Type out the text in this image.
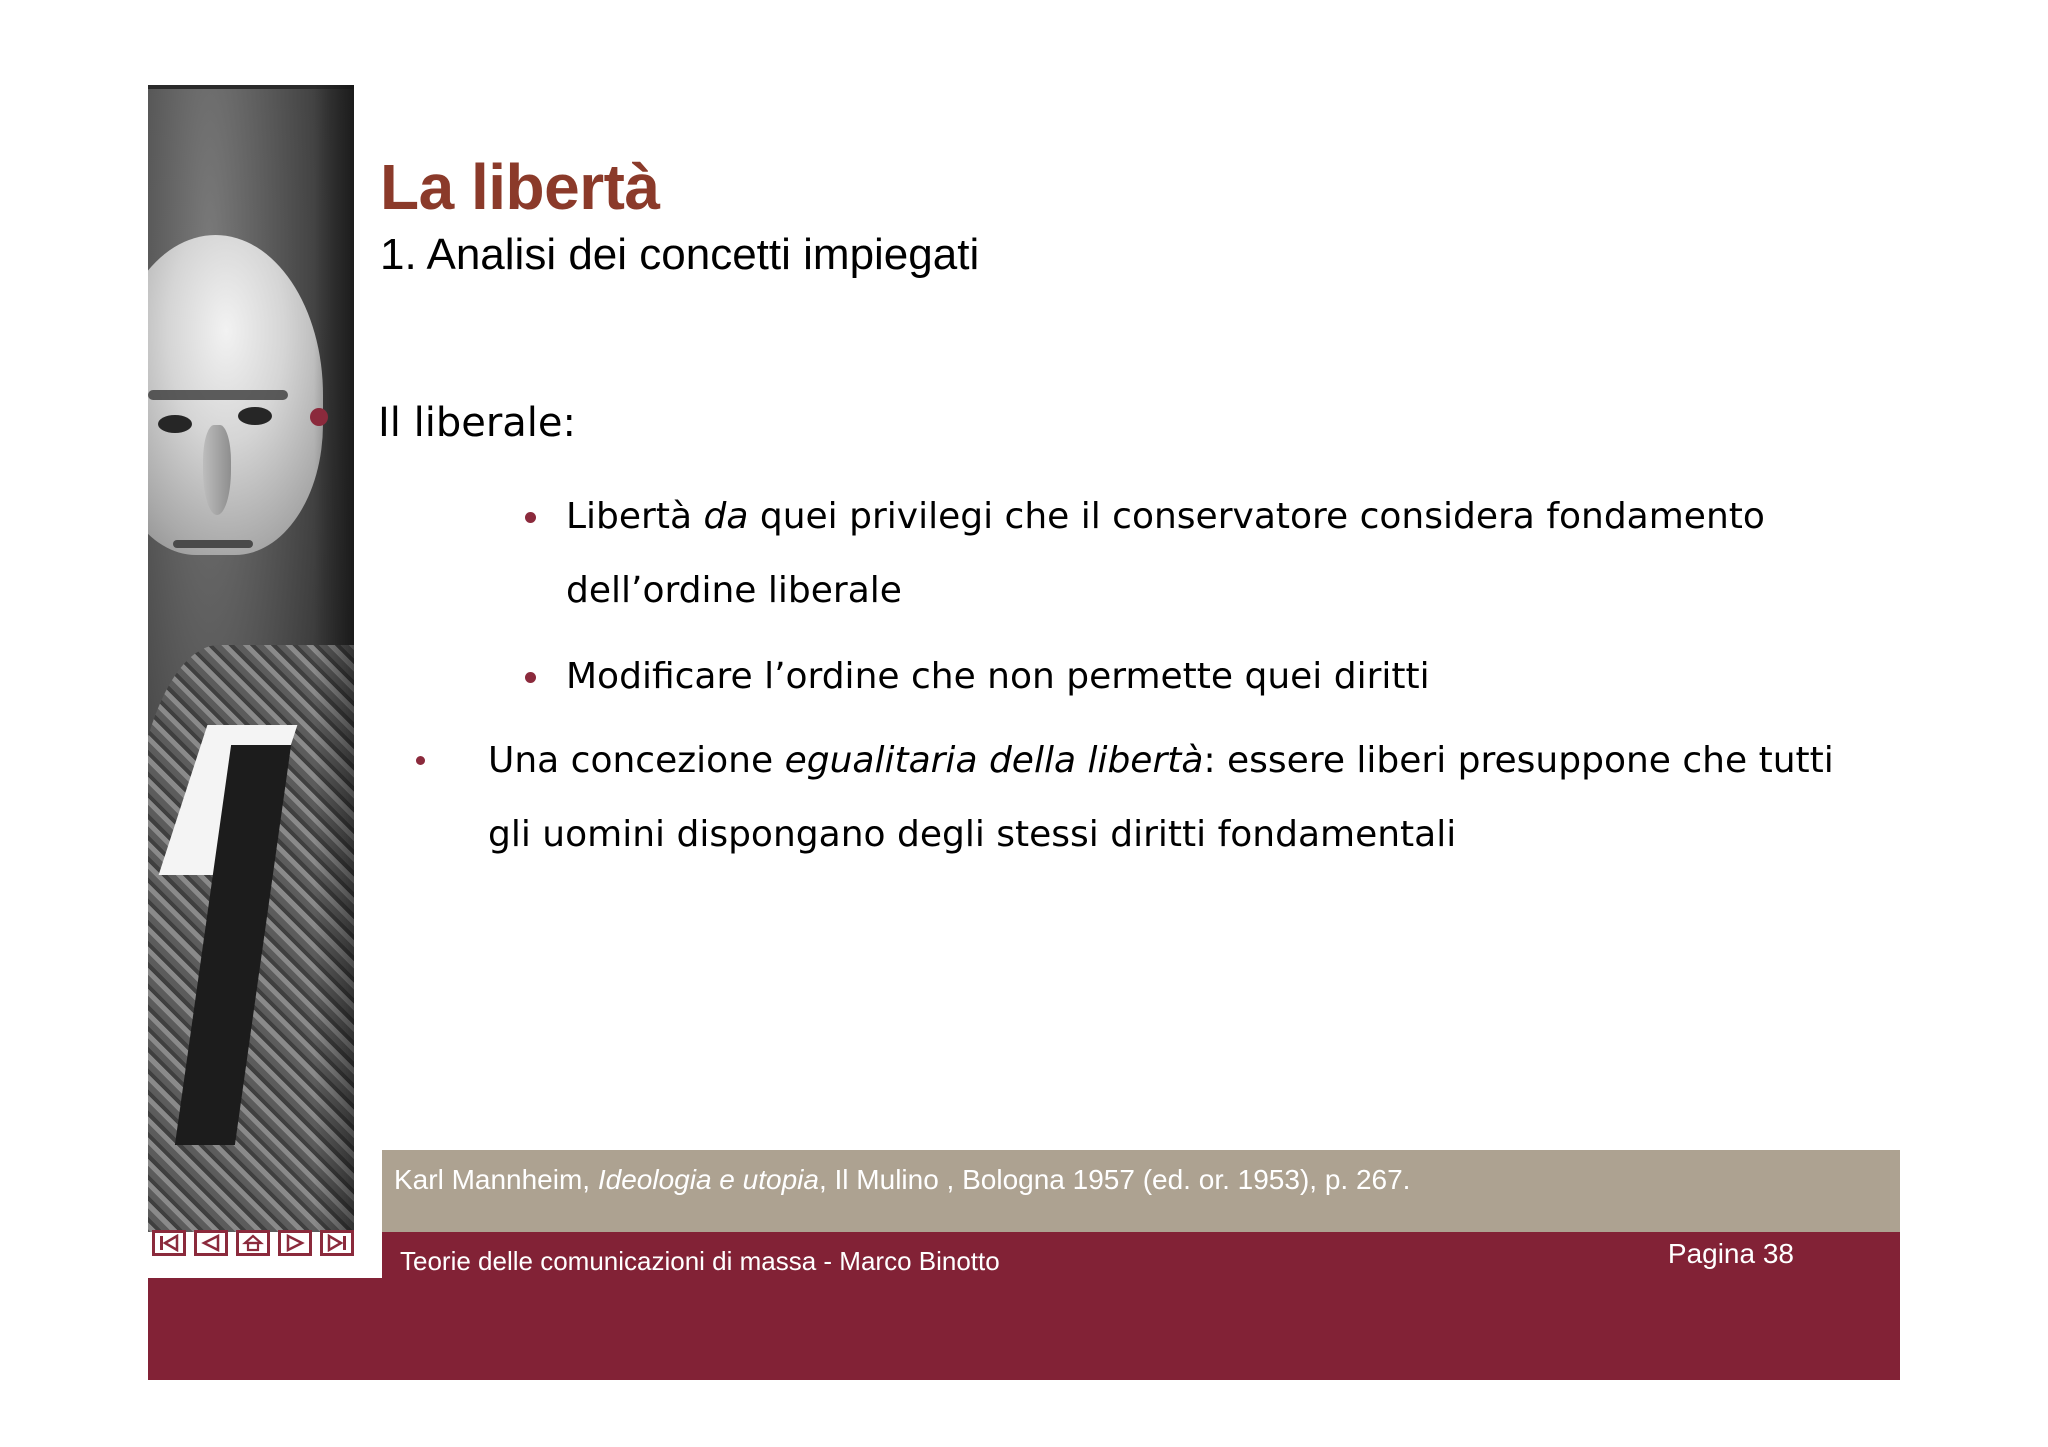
La libertà
1. Analisi dei concetti impiegati
Il liberale:
Libertà da quei privilegi che il conservatore considera fondamento
dell’ordine liberale
Modificare l’ordine che non permette quei diritti
Una concezione egualitaria della libertà: essere liberi presuppone che tutti
gli uomini dispongano degli stessi diritti fondamentali
Karl Mannheim, Ideologia e utopia, Il Mulino , Bologna 1957 (ed. or. 1953), p. 267.
Teorie delle comunicazioni di massa - Marco Binotto	Pagina 38
